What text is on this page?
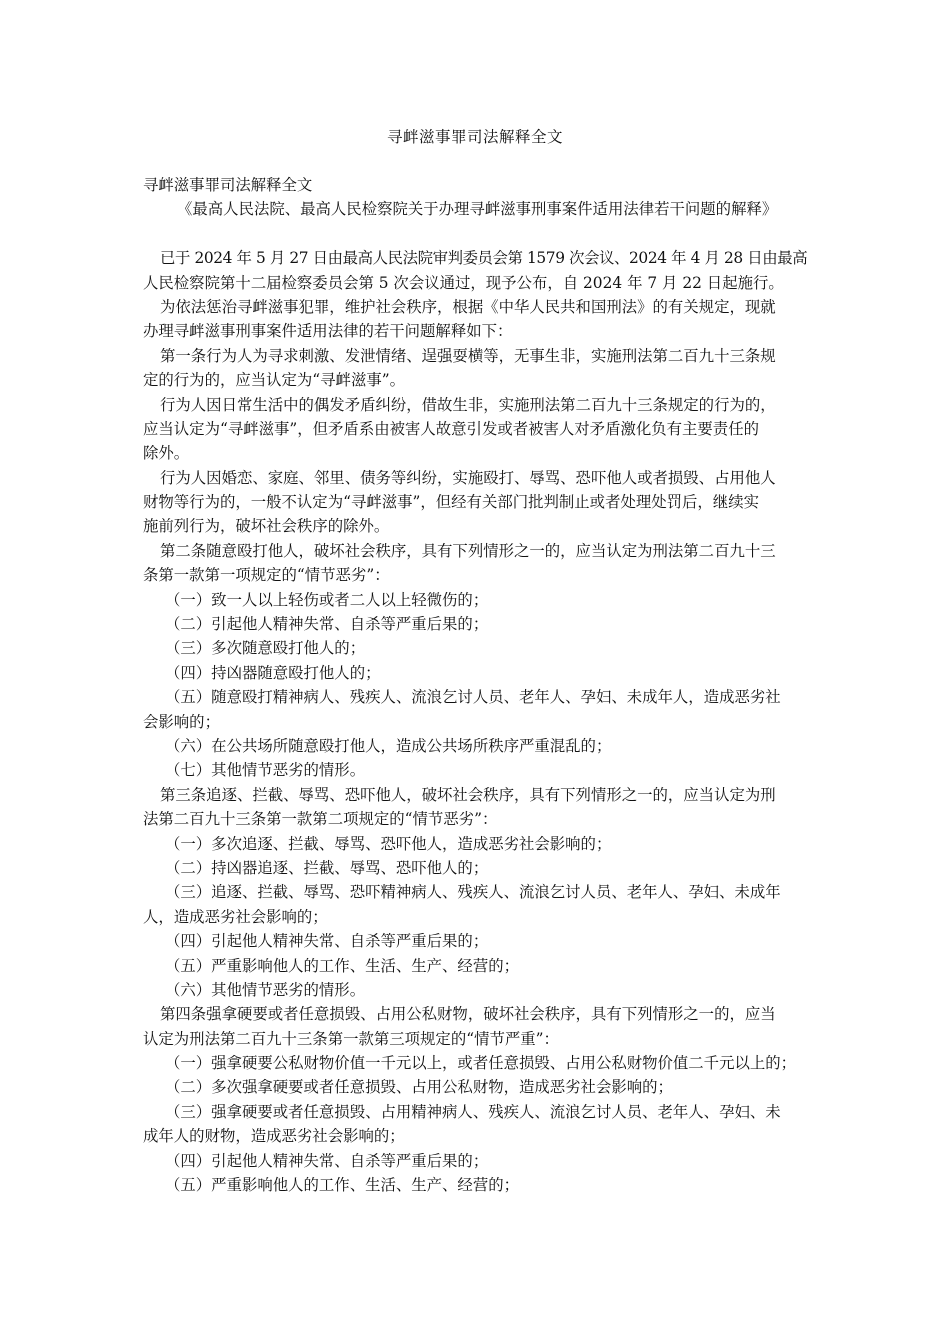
寻衅滋事罪司法解释全文
寻衅滋事罪司法解释全文
《最高人民法院、最高人民检察院关于办理寻衅滋事刑事案件适用法律若干问题的解释》
已于 2024 年 5 月 27 日由最高人民法院审判委员会第 1579 次会议、2024 年 4 月 28 日由最高
人民检察院第十二届检察委员会第 5 次会议通过，现予公布，自 2024 年 7 月 22 日起施行。
为依法惩治寻衅滋事犯罪，维护社会秩序，根据《中华人民共和国刑法》的有关规定，现就
办理寻衅滋事刑事案件适用法律的若干问题解释如下：
第一条行为人为寻求刺激、发泄情绪、逞强耍横等，无事生非，实施刑法第二百九十三条规
定的行为的，应当认定为“寻衅滋事”。
行为人因日常生活中的偶发矛盾纠纷，借故生非，实施刑法第二百九十三条规定的行为的，
应当认定为“寻衅滋事”，但矛盾系由被害人故意引发或者被害人对矛盾激化负有主要责任的
除外。
行为人因婚恋、家庭、邻里、债务等纠纷，实施殴打、辱骂、恐吓他人或者损毁、占用他人
财物等行为的，一般不认定为“寻衅滋事”，但经有关部门批判制止或者处理处罚后，继续实
施前列行为，破坏社会秩序的除外。
第二条随意殴打他人，破坏社会秩序，具有下列情形之一的，应当认定为刑法第二百九十三
条第一款第一项规定的“情节恶劣”：
（一）致一人以上轻伤或者二人以上轻微伤的；
（二）引起他人精神失常、自杀等严重后果的；
（三）多次随意殴打他人的；
（四）持凶器随意殴打他人的；
（五）随意殴打精神病人、残疾人、流浪乞讨人员、老年人、孕妇、未成年人，造成恶劣社
会影响的；
（六）在公共场所随意殴打他人，造成公共场所秩序严重混乱的；
（七）其他情节恶劣的情形。
第三条追逐、拦截、辱骂、恐吓他人，破坏社会秩序，具有下列情形之一的，应当认定为刑
法第二百九十三条第一款第二项规定的“情节恶劣”：
（一）多次追逐、拦截、辱骂、恐吓他人，造成恶劣社会影响的；
（二）持凶器追逐、拦截、辱骂、恐吓他人的；
（三）追逐、拦截、辱骂、恐吓精神病人、残疾人、流浪乞讨人员、老年人、孕妇、未成年
人，造成恶劣社会影响的；
（四）引起他人精神失常、自杀等严重后果的；
（五）严重影响他人的工作、生活、生产、经营的；
（六）其他情节恶劣的情形。
第四条强拿硬要或者任意损毁、占用公私财物，破坏社会秩序，具有下列情形之一的，应当
认定为刑法第二百九十三条第一款第三项规定的“情节严重”：
（一）强拿硬要公私财物价值一千元以上，或者任意损毁、占用公私财物价值二千元以上的；
（二）多次强拿硬要或者任意损毁、占用公私财物，造成恶劣社会影响的；
（三）强拿硬要或者任意损毁、占用精神病人、残疾人、流浪乞讨人员、老年人、孕妇、未
成年人的财物，造成恶劣社会影响的；
（四）引起他人精神失常、自杀等严重后果的；
（五）严重影响他人的工作、生活、生产、经营的；
